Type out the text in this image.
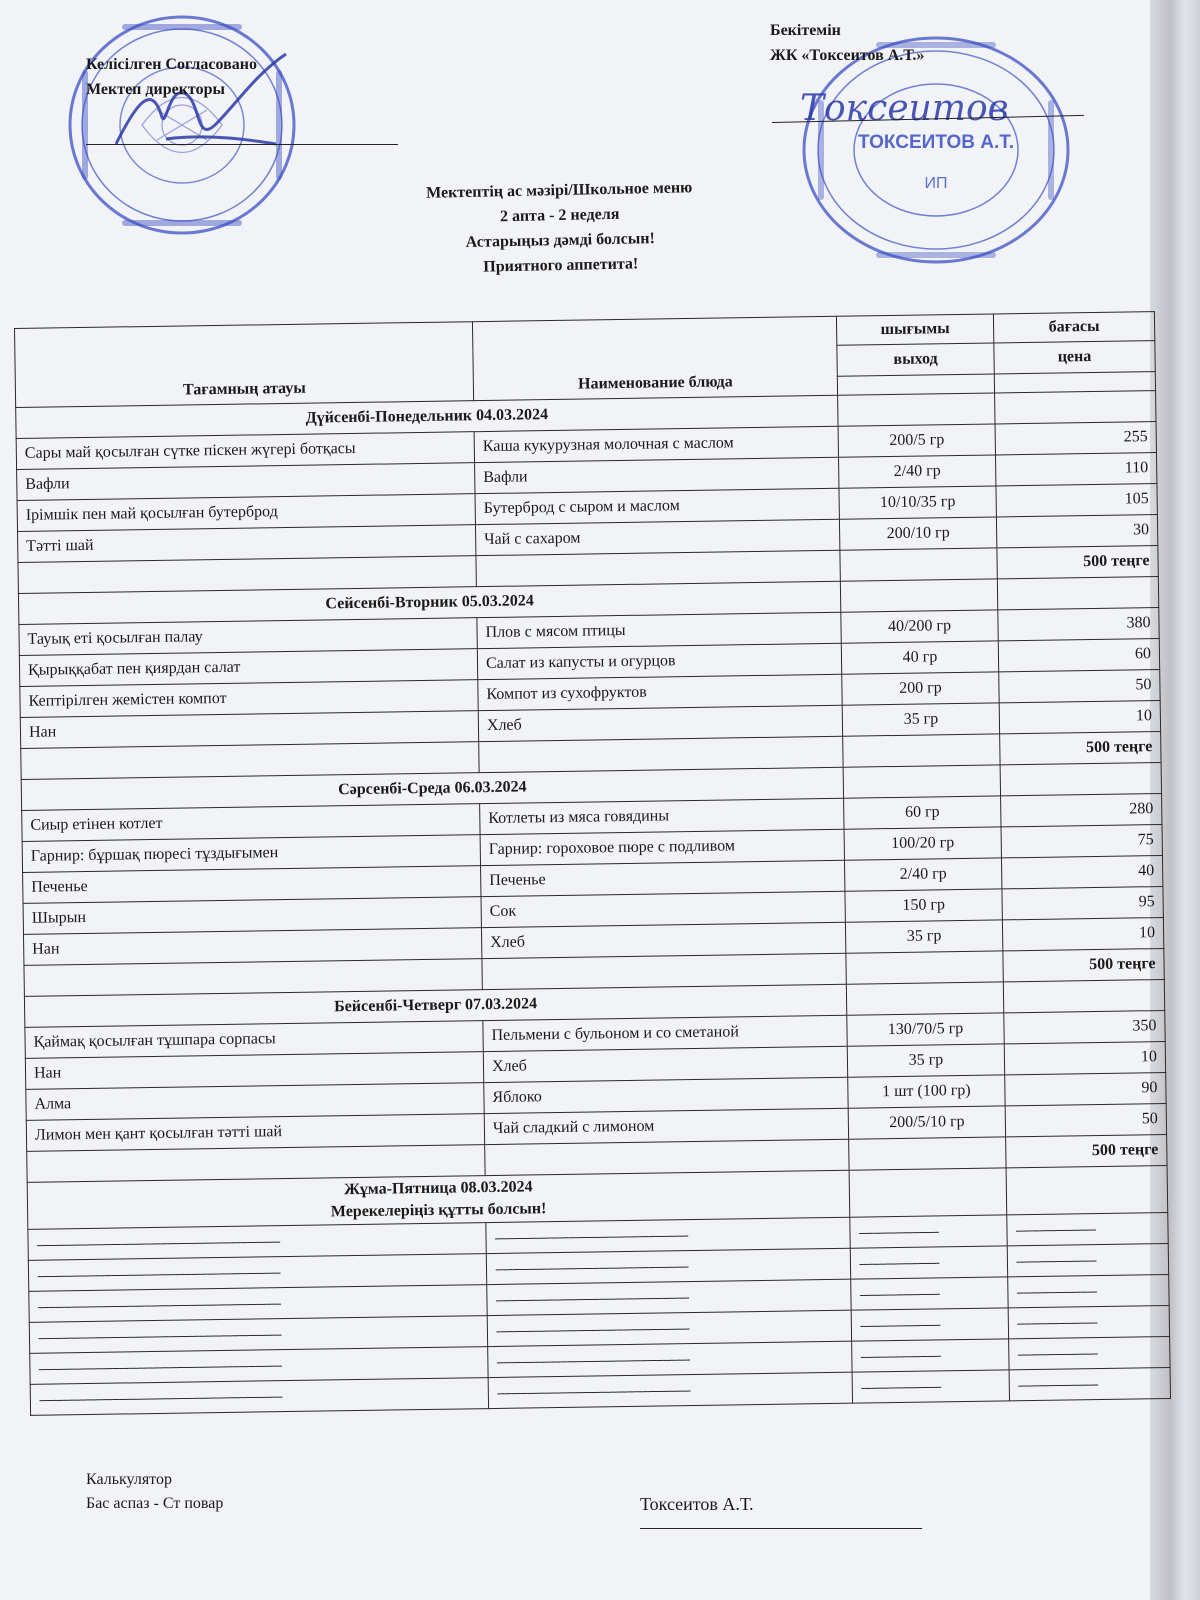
Келісілген Согласовано
Мектеп директоры
ТОКСЕИТОВ А.Т.
ИП
Токсеитов
Бекітемін
ЖК «Токсеитов А.Т.»
Мектептің ас мәзірі/Школьное меню
2 апта - 2 неделя
Астарыңыз дәмді болсын!
Приятного аппетита!
Тағамның атауы	Наименование блюда	шығымы	бағасы
		выход	цена

Дүйсенбі-Понедельник 04.03.2024			
Сары май қосылған сүтке піскен жүгері ботқасы	Каша кукурузная молочная с маслом	200/5 гр	255
Вафли	Вафли	2/40 гр	110
Ірімшік пен май қосылған бутерброд	Бутерброд с сыром и маслом	10/10/35 гр	105
Тәтті шай	Чай с сахаром	200/10 гр	30
			500 теңге
Сейсенбі-Вторник 05.03.2024			
Тауық еті қосылған палау	Плов с мясом птицы	40/200 гр	380
Қырыққабат пен қиярдан салат	Салат из капусты и огурцов	40 гр	60
Кептірілген жемістен компот	Компот из сухофруктов	200 гр	50
Нан	Хлеб	35 гр	10
			500 теңге
Сәрсенбі-Среда 06.03.2024			
Сиыр етінен котлет	Котлеты из мяса говядины	60 гр	280
Гарнир: бұршақ пюресі тұздығымен	Гарнир: гороховое пюре с подливом	100/20 гр	75
Печенье	Печенье	2/40 гр	40
Шырын	Сок	150 гр	95
Нан	Хлеб	35 гр	10
			500 теңге
Бейсенбі-Четверг 07.03.2024			
Қаймақ қосылған тұшпара сорпасы	Пельмени с бульоном и со сметаной	130/70/5 гр	350
Нан	Хлеб	35 гр	10
Алма	Яблоко	1 шт (100 гр)	90
Лимон мен қант қосылған тәтті шай	Чай сладкий с лимоном	200/5/10 гр	50
			500 теңге

Жұма-Пятница 08.03.2024
Мерекелеріңіз құтты болсын!			

-------------------------------------------------------------------------	----------------------------------------------------------	------------------------	------------------------
-------------------------------------------------------------------------	----------------------------------------------------------	------------------------	------------------------
-------------------------------------------------------------------------	----------------------------------------------------------	------------------------	------------------------
-------------------------------------------------------------------------	----------------------------------------------------------	------------------------	------------------------
-------------------------------------------------------------------------	----------------------------------------------------------	------------------------	------------------------
-------------------------------------------------------------------------	----------------------------------------------------------	------------------------	------------------------
Калькулятор
Бас аспаз - Ст повар	Токсеитов А.Т.
